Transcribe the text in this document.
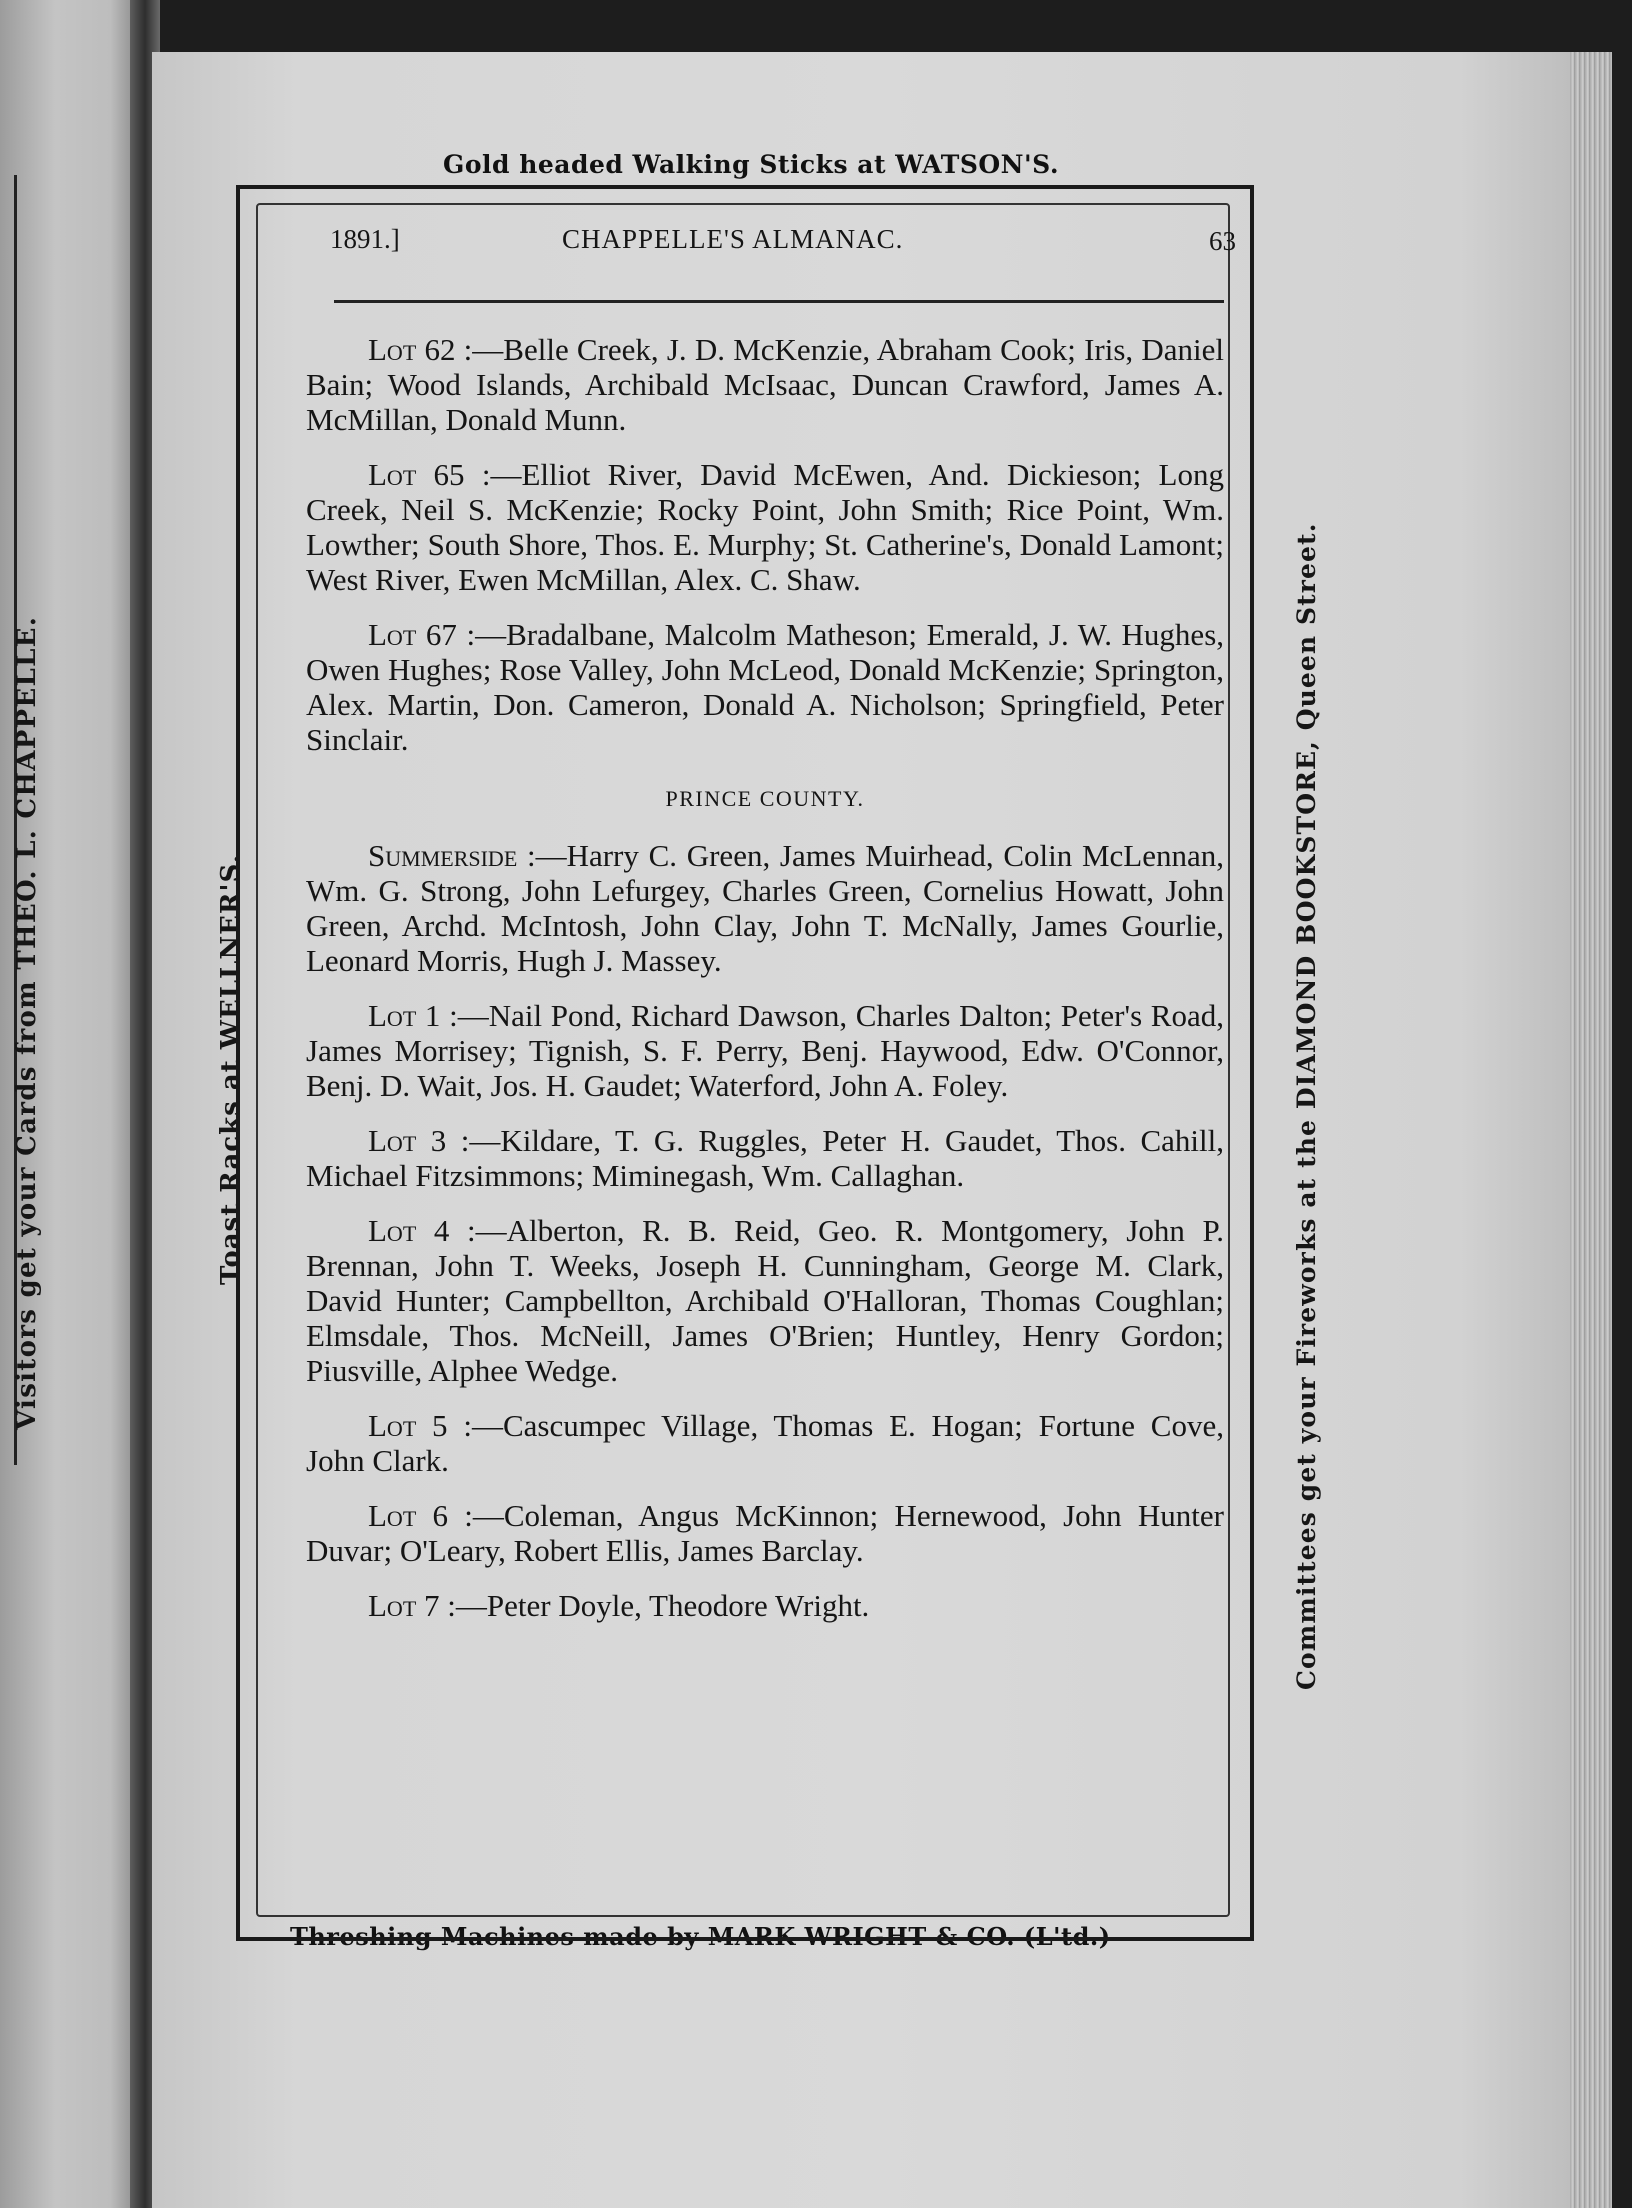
Visitors get your Cards from THEO. L. CHAPPELLE.	Toast Racks at WELLNER'S.	Committees get your Fireworks at the DIAMOND BOOKSTORE, Queen Street.
Gold headed Walking Sticks at WATSON'S.
Threshing Machines made by MARK WRIGHT & CO. (L'td.)
1891.]	CHAPPELLE'S ALMANAC.	63

Lot 62 :—Belle Creek, J. D. McKenzie, Abraham Cook; Iris, Daniel Bain; Wood Islands, Archibald McIsaac, Duncan Crawford, James A. McMillan, Donald Munn.

Lot 65 :—Elliot River, David McEwen, And. Dickieson; Long Creek, Neil S. McKenzie; Rocky Point, John Smith; Rice Point, Wm. Lowther; South Shore, Thos. E. Murphy; St. Catherine's, Donald Lamont; West River, Ewen McMillan, Alex. C. Shaw.

Lot 67 :—Bradalbane, Malcolm Matheson; Emerald, J. W. Hughes, Owen Hughes; Rose Valley, John McLeod, Donald McKenzie; Springton, Alex. Martin, Don. Cameron, Donald A. Nicholson; Springfield, Peter Sinclair.

PRINCE COUNTY.

Summerside :—Harry C. Green, James Muirhead, Colin McLennan, Wm. G. Strong, John Lefurgey, Charles Green, Cornelius Howatt, John Green, Archd. McIntosh, John Clay, John T. McNally, James Gourlie, Leonard Morris, Hugh J. Massey.

Lot 1 :—Nail Pond, Richard Dawson, Charles Dalton; Peter's Road, James Morrisey; Tignish, S. F. Perry, Benj. Haywood, Edw. O'Connor, Benj. D. Wait, Jos. H. Gaudet; Waterford, John A. Foley.

Lot 3 :—Kildare, T. G. Ruggles, Peter H. Gaudet, Thos. Cahill, Michael Fitzsimmons; Miminegash, Wm. Callaghan.

Lot 4 :—Alberton, R. B. Reid, Geo. R. Montgomery, John P. Brennan, John T. Weeks, Joseph H. Cunningham, George M. Clark, David Hunter; Campbellton, Archibald O'Halloran, Thomas Coughlan; Elmsdale, Thos. McNeill, James O'Brien; Huntley, Henry Gordon; Piusville, Alphee Wedge.

Lot 5 :—Cascumpec Village, Thomas E. Hogan; Fortune Cove, John Clark.

Lot 6 :—Coleman, Angus McKinnon; Hernewood, John Hunter Duvar; O'Leary, Robert Ellis, James Barclay.

Lot 7 :—Peter Doyle, Theodore Wright.
